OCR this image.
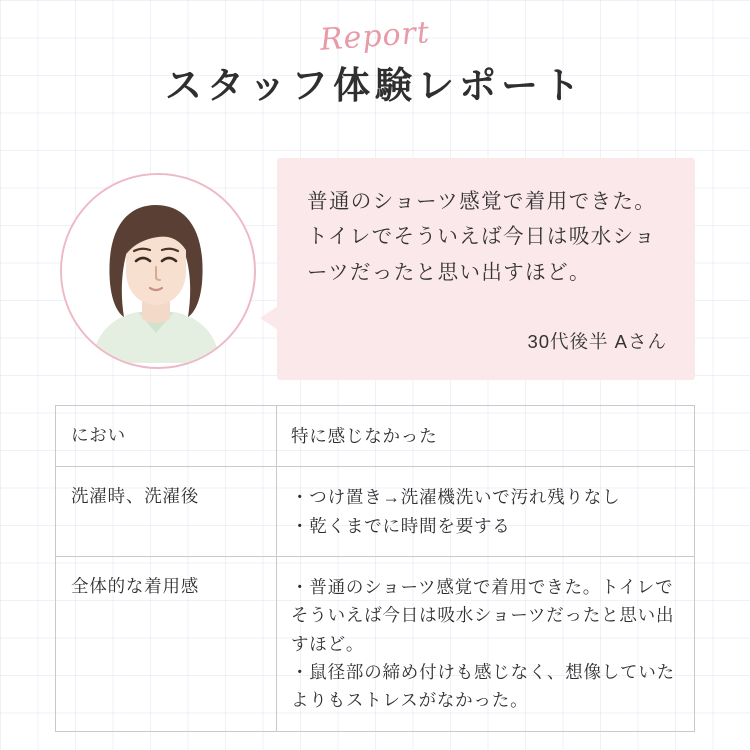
Report
スタッフ体験レポート
普通のショーツ感覚で着用できた。トイレでそういえば今日は吸水ショーツだったと思い出すほど。
30代後半 Aさん
におい	特に感じなかった

洗濯時、洗濯後	・つけ置き→洗濯機洗いで汚れ残りなし

・乾くまでに時間を要する

全体的な着用感	・普通のショーツ感覚で着用できた。トイレでそういえば今日は吸水ショーツだったと思い出すほど。

・鼠径部の締め付けも感じなく、想像していたよりもストレスがなかった。
